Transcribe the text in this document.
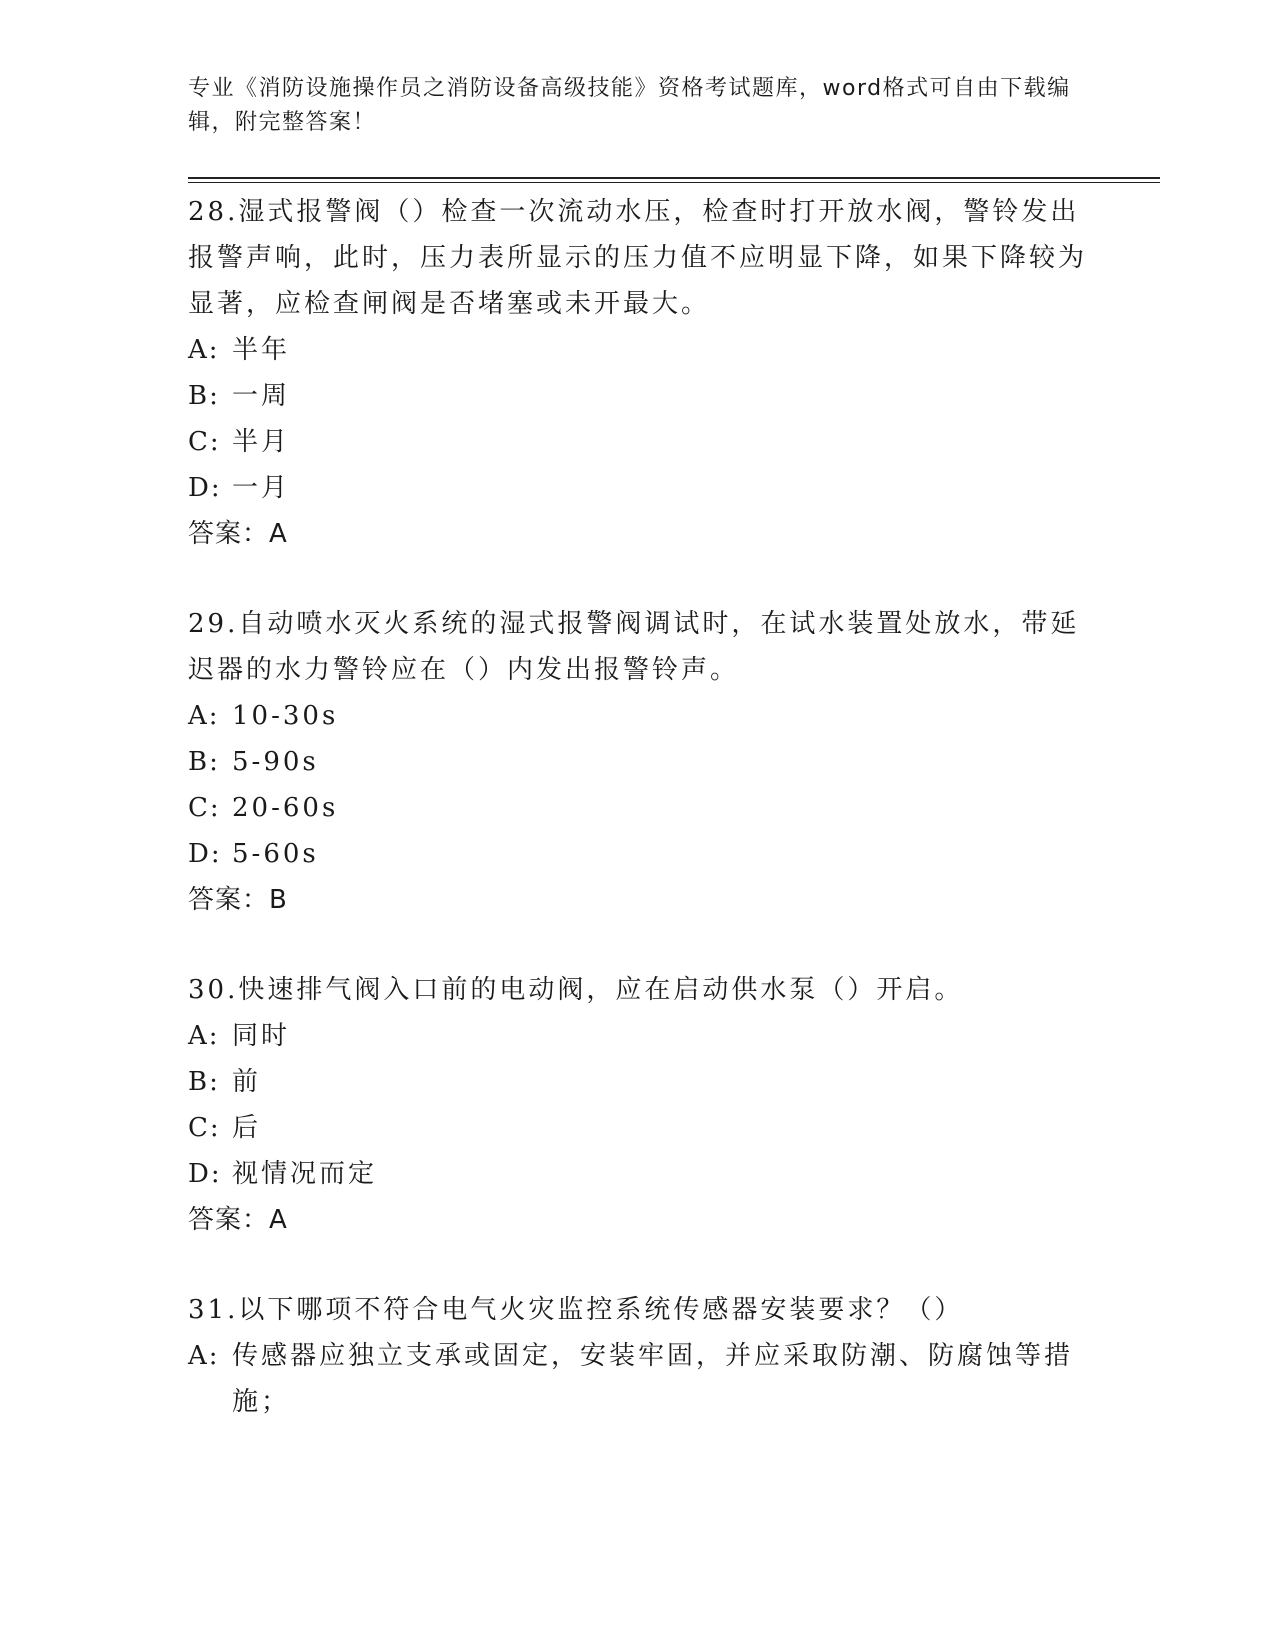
专业《消防设施操作员之消防设备高级技能》资格考试题库，word格式可自由下载编辑，附完整答案！
28.湿式报警阀（）检查一次流动水压，检查时打开放水阀，警铃发出报警声响，此时，压力表所显示的压力值不应明显下降，如果下降较为显著，应检查闸阀是否堵塞或未开最大。
A: 半年
B: 一周
C: 半月
D: 一月
答案：A
29.自动喷水灭火系统的湿式报警阀调试时，在试水装置处放水，带延迟器的水力警铃应在（）内发出报警铃声。
A: 10-30s
B: 5-90s
C: 20-60s
D: 5-60s
答案：B
30.快速排气阀入口前的电动阀，应在启动供水泵（）开启。
A: 同时
B: 前
C: 后
D: 视情况而定
答案：A
31.以下哪项不符合电气火灾监控系统传感器安装要求？（）
A: 传感器应独立支承或固定，安装牢固，并应采取防潮、防腐蚀等措施；
